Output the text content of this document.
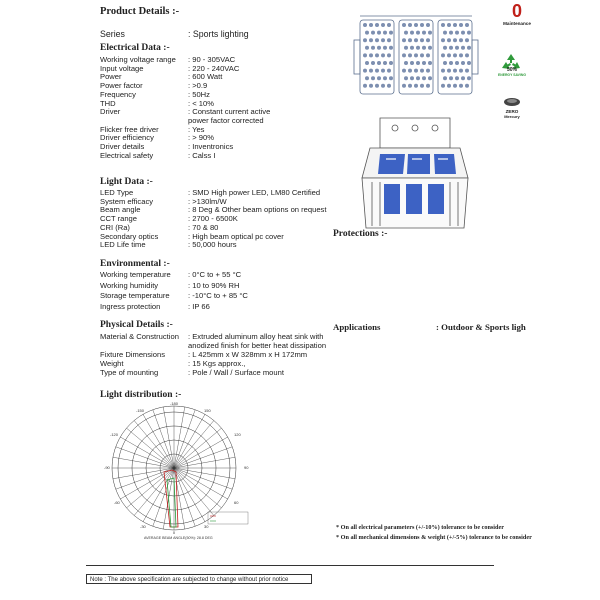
Product Details :-
Series	: Sports lighting
Electrical Data :-
Working voltage range : 90 - 305VAC
Input voltage	: 220 - 240VAC
Power	: 600 Watt
Power factor	: >0.9
Frequency	: 50Hz
THD	: < 10%
Driver	: Constant current active
power factor corrected
Flicker free driver	: Yes
Driver efficiency	: > 90%
Driver details	: Inventronics
Electrical safety	: Calss I
Light Data :-
LED Type	: SMD High power LED, LM80 Certified
System efficacy	: >130lm/W
Beam angle	: 8 Deg & Other beam options on request
CCT range	: 2700 - 6500K
CRI (Ra)	: 70 & 80
Secondary optics	: High beam optical pc cover
LED Life time	: 50,000 hours
Environmental :-
Working temperature : 0°C to + 55 °C
Working humidity	: 10 to 90% RH
Storage temperature : -10°C to + 85 °C
Ingress protection	: IP 66
Physical Details :-
Material & Construction : Extruded aluminum alloy heat sink with
anodized finish for better heat dissipation
Fixture Dimensions	: L 425mm x W 328mm x H 172mm
Weight	: 15 Kgs approx.,
Type of mounting	: Pole / Wall / Surface mount
Protections :-
Applications	: Outdoor & Sports ligh
0
Maintenance
50%
ENERGY SAVING
ZERO
Mercury
Light distribution :-
-180
-90	90
-60	60
-30	30
0
-150	150
-120	120
AVERAGE BEAM ANGLE(50%): 28.8 DEG
* On all electrical parameters (+/-10%) tolerance to be consider
* On all mechanical dimensions & weight (+/-5%) tolerance to be consider
Note : The above specification are subjected to change without prior notice
